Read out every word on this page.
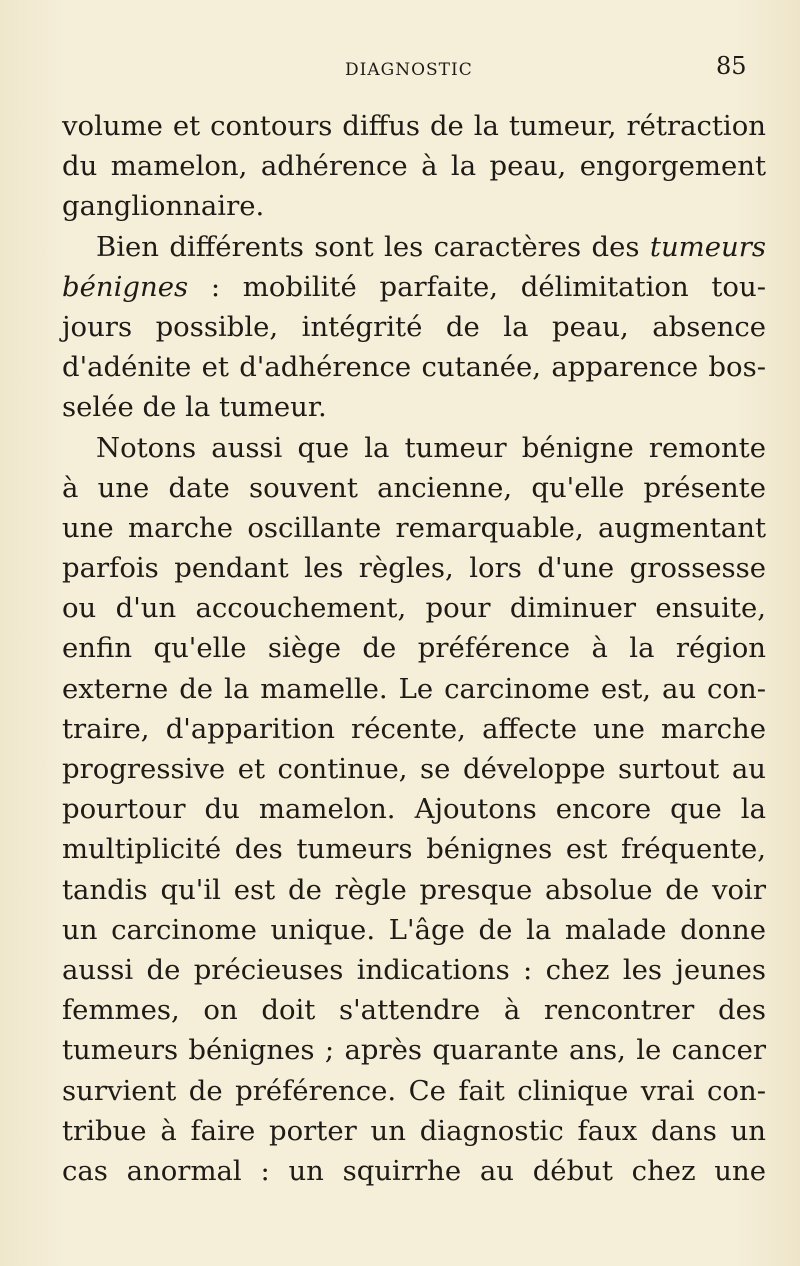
DIAGNOSTIC	85
volume et contours diffus de la tumeur, rétraction
du mamelon, adhérence à la peau, engorgement
ganglionnaire.
Bien différents sont les caractères des tumeurs
bénignes : mobilité parfaite, délimitation tou-
jours possible, intégrité de la peau, absence
d'adénite et d'adhérence cutanée, apparence bos-
selée de la tumeur.
Notons aussi que la tumeur bénigne remonte
à une date souvent ancienne, qu'elle présente
une marche oscillante remarquable, augmentant
parfois pendant les règles, lors d'une grossesse
ou d'un accouchement, pour diminuer ensuite,
enfin qu'elle siège de préférence à la région
externe de la mamelle. Le carcinome est, au con-
traire, d'apparition récente, affecte une marche
progressive et continue, se développe surtout au
pourtour du mamelon. Ajoutons encore que la
multiplicité des tumeurs bénignes est fréquente,
tandis qu'il est de règle presque absolue de voir
un carcinome unique. L'âge de la malade donne
aussi de précieuses indications : chez les jeunes
femmes, on doit s'attendre à rencontrer des
tumeurs bénignes ; après quarante ans, le cancer
survient de préférence. Ce fait clinique vrai con-
tribue à faire porter un diagnostic faux dans un
cas anormal : un squirrhe au début chez une
